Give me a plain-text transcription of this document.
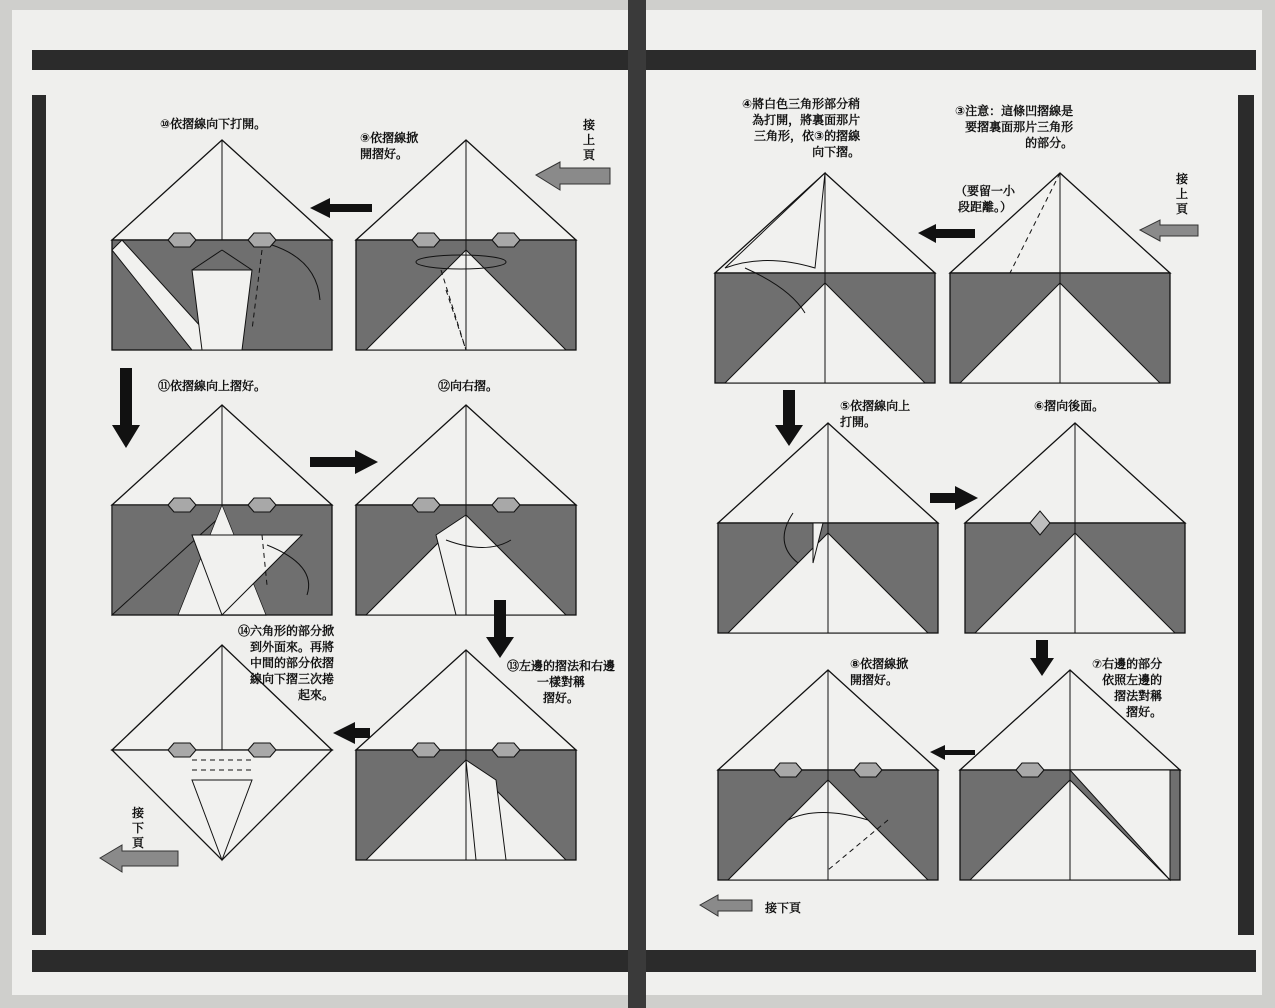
⑩依摺線向下打開。
⑨依摺線掀
開摺好。
接
上
頁
⑪依摺線向上摺好。	⑫向右摺。
⑭六角形的部分掀
到外面來。再將
中間的部分依摺
線向下摺三次捲
起來。
⑬左邊的摺法和右邊
一樣對稱
摺好。
接
下
頁
④將白色三角形部分稍
為打開，將裏面那片
三角形，依③的摺線
向下摺。
③注意：這條凹摺線是
要摺裏面那片三角形
的部分。
（要留一小
段距離。）
接
上
頁
⑤依摺線向上
打開。
⑥摺向後面。
⑧依摺線掀
開摺好。
⑦右邊的部分
依照左邊的
摺法對稱
摺好。
接下頁
